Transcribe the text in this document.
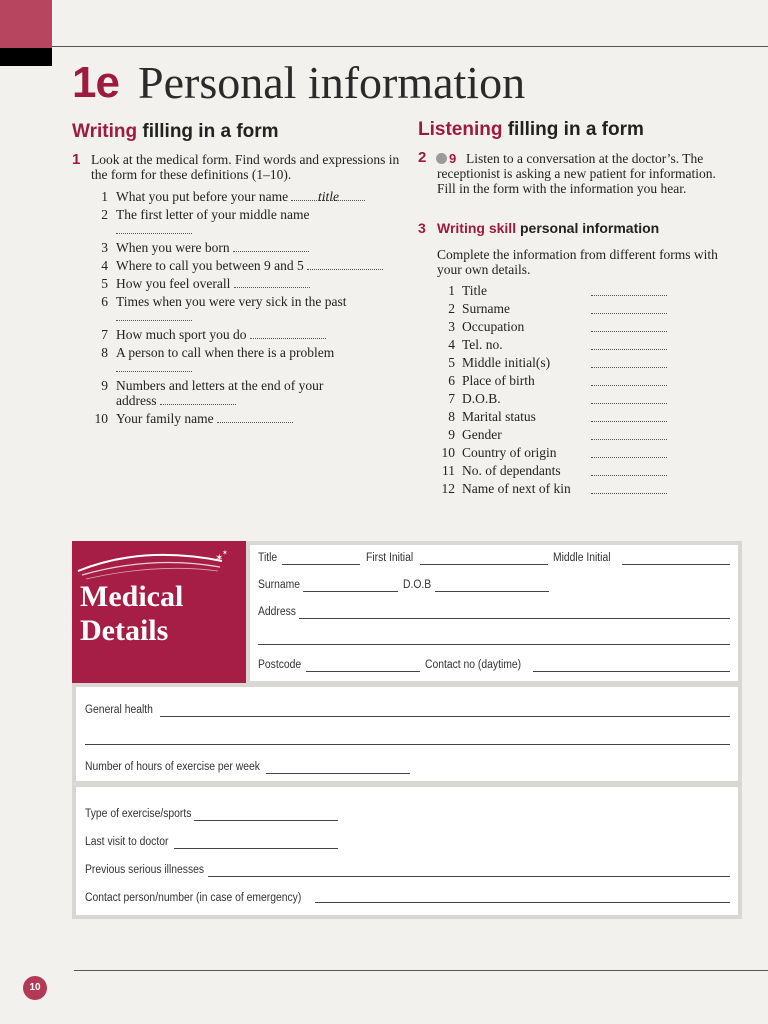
1e Personal information
Writing filling in a form
1 Look at the medical form. Find words and expressions in the form for these definitions (1–10).
1 What you put before your name title
2 The first letter of your middle name
3 When you were born
4 Where to call you between 9 and 5
5 How you feel overall
6 Times when you were very sick in the past
7 How much sport you do
8 A person to call when there is a problem
9 Numbers and letters at the end of your
address
10 Your family name
Listening filling in a form
2	9 Listen to a conversation at the doctor’s. The receptionist is asking a new patient for information. Fill in the form with the information you hear.
3 Writing skill personal information
Complete the information from different forms with your own details.
1 Title
2 Surname
3 Occupation
4 Tel. no.
5 Middle initial(s)
6 Place of birth
7 D.O.B.
8 Marital status
9 Gender
10 Country of origin
11 No. of dependants
12 Name of next of kin
✶
✶
Medical
Details
Title	First Initial	Middle Initial
Surname	D.O.B
Address
Postcode	Contact no (daytime)
General health
Number of hours of exercise per week
Type of exercise/sports
Last visit to doctor
Previous serious illnesses
Contact person/number (in case of emergency)
10
